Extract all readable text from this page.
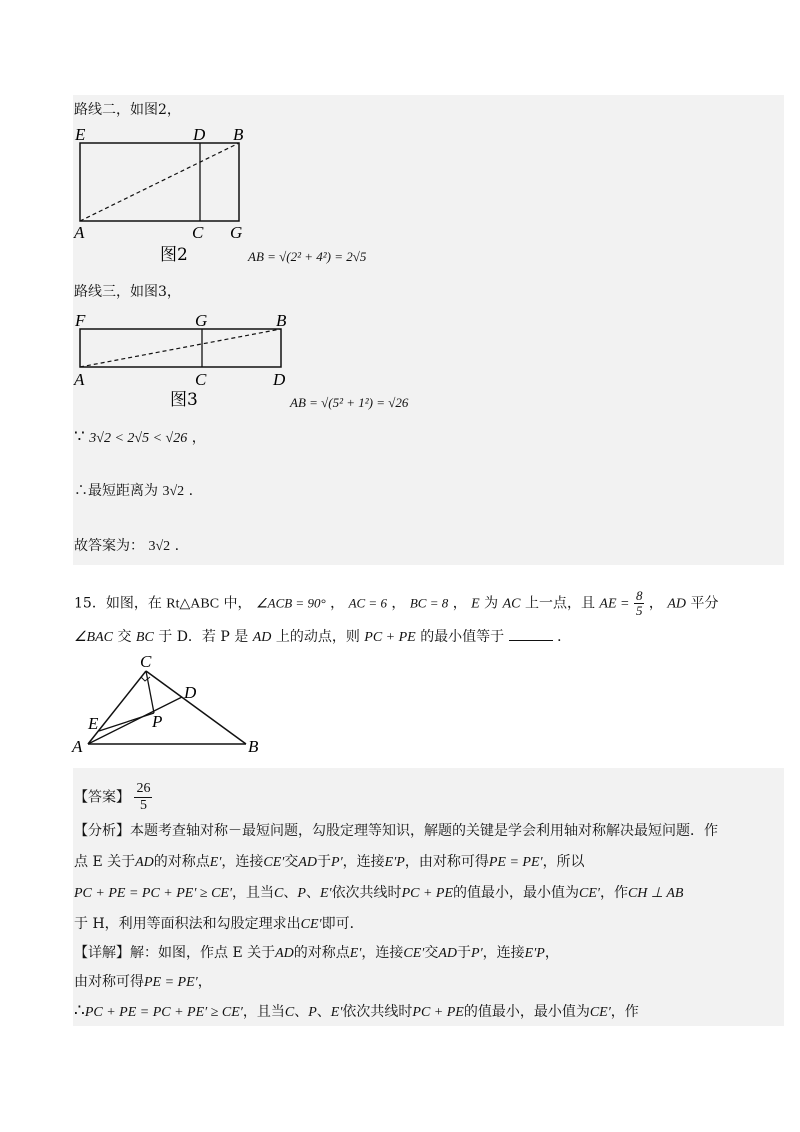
路线二，如图2，
E	D B
A	C G
图2	AB = √(2² + 4²) = 2√5
路线三，如图3，
F	G	B
A	C	D
图3	AB = √(5² + 1²) = √26
∵ 3√2 < 2√5 < √26 ，
∴最短距离为 3√2 .
故答案为： 3√2 .
15．如图，在 Rt△ABC 中， ∠ACB = 90° ， AC = 6 ， BC = 8 ， E 为 AC 上一点，且 AE = $\frac{8}{5}$ ， AD 平分
∠BAC 交 BC 于 D．若 P 是 AD 上的动点，则 PC + PE 的最小值等于	．
C
D
E	P
A	B
【答案】 $\frac{26}{5}$
【分析】本题考查轴对称－最短问题，勾股定理等知识，解题的关键是学会利用轴对称解决最短问题．作
点 E 关于AD的对称点E′，连接CE′交AD于P′，连接E′P，由对称可得PE = PE′，所以
PC + PE = PC + PE′ ≥ CE′，且当C、P、E′依次共线时PC + PE的值最小，最小值为CE′，作CH ⊥ AB
于 H，利用等面积法和勾股定理求出CE′即可．
【详解】解：如图，作点 E 关于AD的对称点E′，连接CE′交AD于P′，连接E′P，
由对称可得PE = PE′，
∴PC + PE = PC + PE′ ≥ CE′，且当C、P、E′依次共线时PC + PE的值最小，最小值为CE′，作
